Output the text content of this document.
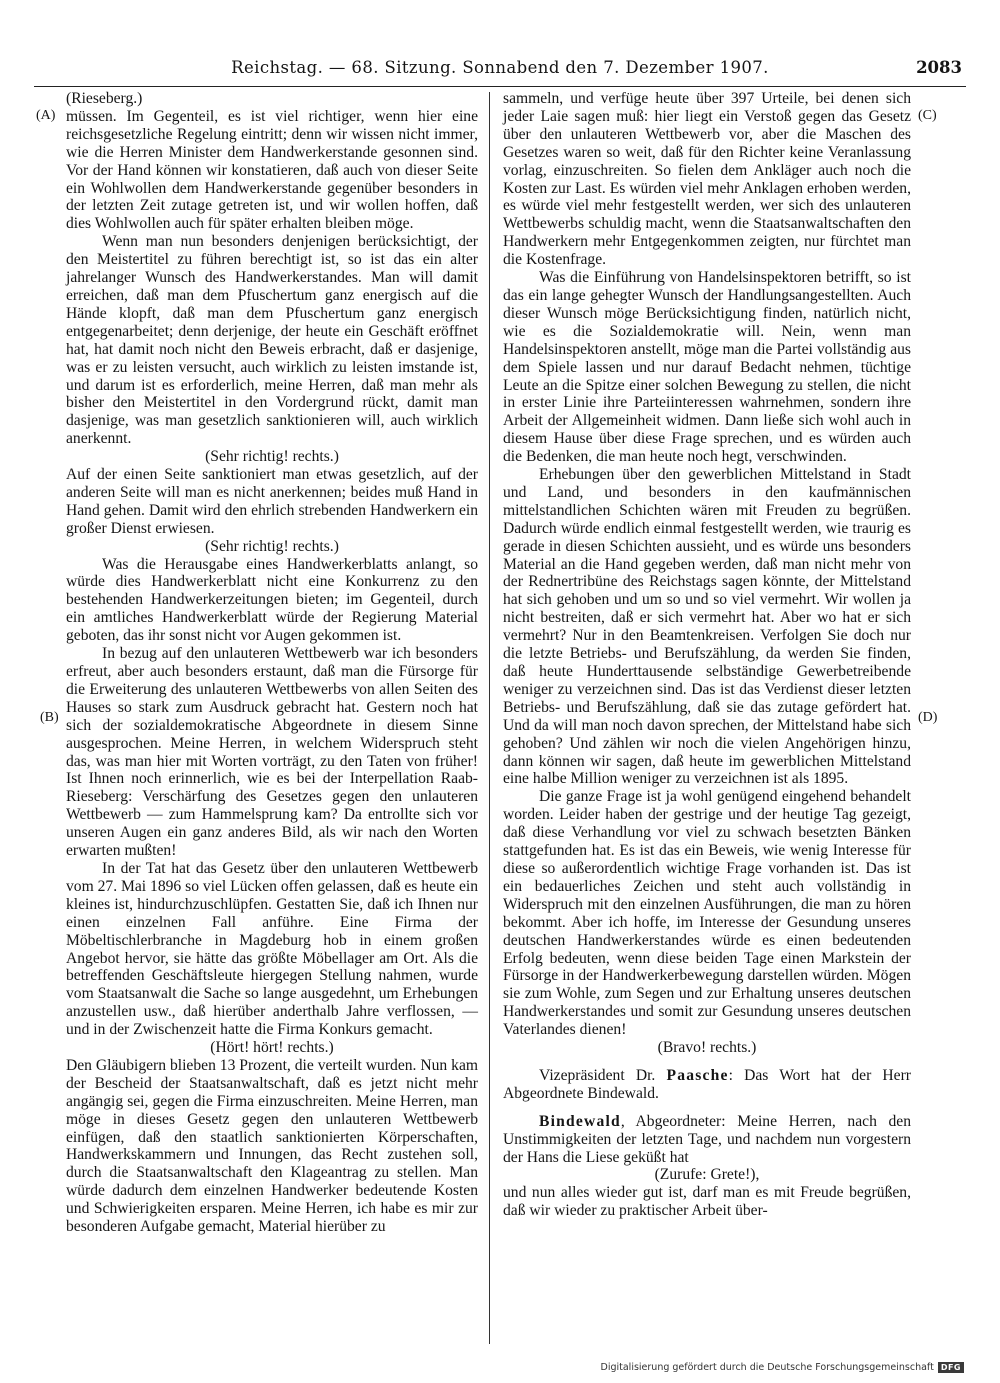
Reichstag. — 68. Sitzung. Sonnabend den 7. Dezember 1907.	2083
(A)
(B)
(C)
(D)

(Rieseberg.)

müssen. Im Gegenteil, es ist viel richtiger, wenn hier eine reichsgesetzliche Regelung eintritt; denn wir wissen nicht immer, wie die Herren Minister dem Handwerkerstande gesonnen sind. Vor der Hand können wir konstatieren, daß auch von dieser Seite ein Wohlwollen dem Handwerkerstande gegenüber besonders in der letzten Zeit zutage getreten ist, und wir wollen hoffen, daß dies Wohlwollen auch für später erhalten bleiben möge.

Wenn man nun besonders denjenigen berücksichtigt, der den Meistertitel zu führen berechtigt ist, so ist das ein alter jahrelanger Wunsch des Handwerkerstandes. Man will damit erreichen, daß man dem Pfuschertum ganz energisch auf die Hände klopft, daß man dem Pfuschertum ganz energisch entgegenarbeitet; denn derjenige, der heute ein Geschäft eröffnet hat, hat damit noch nicht den Beweis erbracht, daß er dasjenige, was er zu leisten versucht, auch wirklich zu leisten imstande ist, und darum ist es erforderlich, meine Herren, daß man mehr als bisher den Meistertitel in den Vordergrund rückt, damit man dasjenige, was man gesetzlich sanktionieren will, auch wirklich anerkennt.

(Sehr richtig! rechts.)

Auf der einen Seite sanktioniert man etwas gesetzlich, auf der anderen Seite will man es nicht anerkennen; beides muß Hand in Hand gehen. Damit wird den ehrlich strebenden Handwerkern ein großer Dienst erwiesen.

(Sehr richtig! rechts.)

Was die Herausgabe eines Handwerkerblatts anlangt, so würde dies Handwerkerblatt nicht eine Konkurrenz zu den bestehenden Handwerkerzeitungen bieten; im Gegenteil, durch ein amtliches Handwerkerblatt würde der Regierung Material geboten, das ihr sonst nicht vor Augen gekommen ist.

In bezug auf den unlauteren Wettbewerb war ich besonders erfreut, aber auch besonders erstaunt, daß man die Fürsorge für die Erweiterung des unlauteren Wettbewerbs von allen Seiten des Hauses so stark zum Ausdruck gebracht hat. Gestern noch hat sich der sozialdemokratische Abgeordnete in diesem Sinne ausgesprochen. Meine Herren, in welchem Widerspruch steht das, was man hier mit Worten vorträgt, zu den Taten von früher! Ist Ihnen noch erinnerlich, wie es bei der Interpellation Raab-Rieseberg: Verschärfung des Gesetzes gegen den unlauteren Wettbewerb — zum Hammelsprung kam? Da entrollte sich vor unseren Augen ein ganz anderes Bild, als wir nach den Worten erwarten mußten!

In der Tat hat das Gesetz über den unlauteren Wettbewerb vom 27. Mai 1896 so viel Lücken offen gelassen, daß es heute ein kleines ist, hindurchzuschlüpfen. Gestatten Sie, daß ich Ihnen nur einen einzelnen Fall anführe. Eine Firma der Möbeltischlerbranche in Magdeburg hob in einem großen Angebot hervor, sie hätte das größte Möbellager am Ort. Als die betreffenden Geschäftsleute hiergegen Stellung nahmen, wurde vom Staatsanwalt die Sache so lange ausgedehnt, um Erhebungen anzustellen usw., daß hierüber anderthalb Jahre verflossen, — und in der Zwischenzeit hatte die Firma Konkurs gemacht.

(Hört! hört! rechts.)

Den Gläubigern blieben 13 Prozent, die verteilt wurden. Nun kam der Bescheid der Staatsanwaltschaft, daß es jetzt nicht mehr angängig sei, gegen die Firma einzuschreiten. Meine Herren, man möge in dieses Gesetz gegen den unlauteren Wettbewerb einfügen, daß den staatlich sanktionierten Körperschaften, Handwerkskammern und Innungen, das Recht zustehen soll, durch die Staatsanwaltschaft den Klageantrag zu stellen. Man würde dadurch dem einzelnen Handwerker bedeutende Kosten und Schwierigkeiten ersparen. Meine Herren, ich habe es mir zur besonderen Aufgabe gemacht, Material hierüber zu

sammeln, und verfüge heute über 397 Urteile, bei denen sich jeder Laie sagen muß: hier liegt ein Verstoß gegen das Gesetz über den unlauteren Wettbewerb vor, aber die Maschen des Gesetzes waren so weit, daß für den Richter keine Veranlassung vorlag, einzuschreiten. So fielen dem Ankläger auch noch die Kosten zur Last. Es würden viel mehr Anklagen erhoben werden, es würde viel mehr festgestellt werden, wer sich des unlauteren Wettbewerbs schuldig macht, wenn die Staatsanwaltschaften den Handwerkern mehr Entgegenkommen zeigten, nur fürchtet man die Kostenfrage.

Was die Einführung von Handelsinspektoren betrifft, so ist das ein lange gehegter Wunsch der Handlungsangestellten. Auch dieser Wunsch möge Berücksichtigung finden, natürlich nicht, wie es die Sozialdemokratie will. Nein, wenn man Handelsinspektoren anstellt, möge man die Partei vollständig aus dem Spiele lassen und nur darauf Bedacht nehmen, tüchtige Leute an die Spitze einer solchen Bewegung zu stellen, die nicht in erster Linie ihre Parteiinteressen wahrnehmen, sondern ihre Arbeit der Allgemeinheit widmen. Dann ließe sich wohl auch in diesem Hause über diese Frage sprechen, und es würden auch die Bedenken, die man heute noch hegt, verschwinden.

Erhebungen über den gewerblichen Mittelstand in Stadt und Land, und besonders in den kaufmännischen mittelstandlichen Schichten wären mit Freuden zu begrüßen. Dadurch würde endlich einmal festgestellt werden, wie traurig es gerade in diesen Schichten aussieht, und es würde uns besonders Material an die Hand gegeben werden, daß man nicht mehr von der Rednertribüne des Reichstags sagen könnte, der Mittelstand hat sich gehoben und um so und so viel vermehrt. Wir wollen ja nicht bestreiten, daß er sich vermehrt hat. Aber wo hat er sich vermehrt? Nur in den Beamtenkreisen. Verfolgen Sie doch nur die letzte Betriebs- und Berufszählung, da werden Sie finden, daß heute Hunderttausende selbständige Gewerbetreibende weniger zu verzeichnen sind. Das ist das Verdienst dieser letzten Betriebs- und Berufszählung, daß sie das zutage gefördert hat. Und da will man noch davon sprechen, der Mittelstand habe sich gehoben? Und zählen wir noch die vielen Angehörigen hinzu, dann können wir sagen, daß heute im gewerblichen Mittelstand eine halbe Million weniger zu verzeichnen ist als 1895.

Die ganze Frage ist ja wohl genügend eingehend behandelt worden. Leider haben der gestrige und der heutige Tag gezeigt, daß diese Verhandlung vor viel zu schwach besetzten Bänken stattgefunden hat. Es ist das ein Beweis, wie wenig Interesse für diese so außerordentlich wichtige Frage vorhanden ist. Das ist ein bedauerliches Zeichen und steht auch vollständig in Widerspruch mit den einzelnen Ausführungen, die man zu hören bekommt. Aber ich hoffe, im Interesse der Gesundung unseres deutschen Handwerkerstandes würde es einen bedeutenden Erfolg bedeuten, wenn diese beiden Tage einen Markstein der Fürsorge in der Handwerkerbewegung darstellen würden. Mögen sie zum Wohle, zum Segen und zur Erhaltung unseres deutschen Handwerkerstandes und somit zur Gesundung unseres deutschen Vaterlandes dienen!

(Bravo! rechts.)

Vizepräsident Dr. Paasche: Das Wort hat der Herr Abgeordnete Bindewald.

Bindewald, Abgeordneter: Meine Herren, nach den Unstimmigkeiten der letzten Tage, und nachdem nun vorgestern der Hans die Liese geküßt hat

(Zurufe: Grete!),

und nun alles wieder gut ist, darf man es mit Freude begrüßen, daß wir wieder zu praktischer Arbeit über-

Digitalisierung gefördert durch die Deutsche Forschungsgemeinschaft DFG
